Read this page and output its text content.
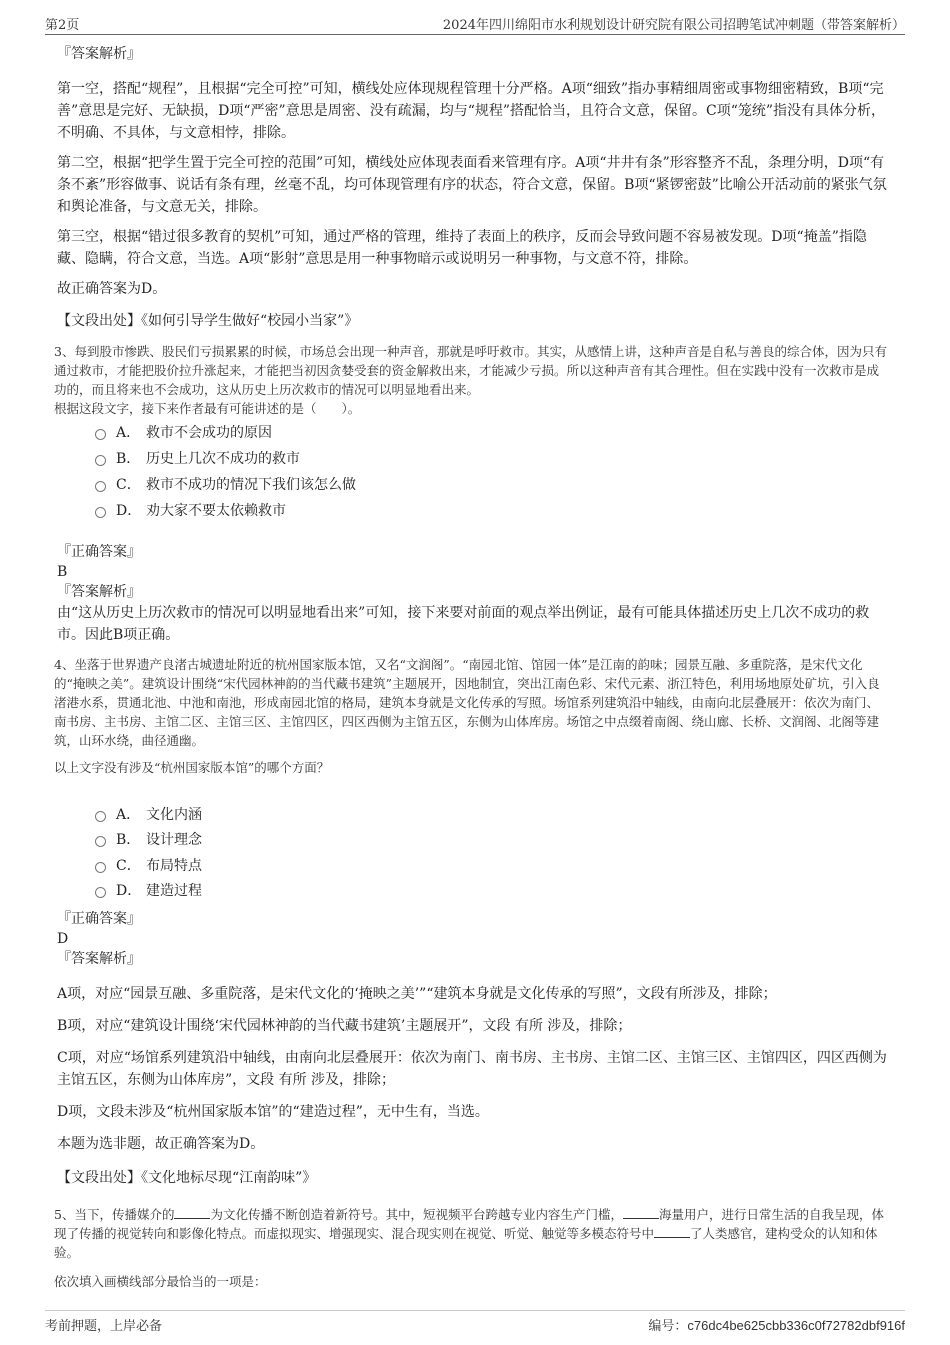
第2页	2024年四川绵阳市水利规划设计研究院有限公司招聘笔试冲刺题（带答案解析）

『答案解析』

第一空，搭配“规程”，且根据“完全可控”可知，横线处应体现规程管理十分严格。A项“细致”指办事精细周密或事物细密精致，B项“完善”意思是完好、无缺损，D项“严密”意思是周密、没有疏漏，均与“规程”搭配恰当，且符合文意，保留。C项“笼统”指没有具体分析，不明确、不具体，与文意相悖，排除。

第二空，根据“把学生置于完全可控的范围”可知，横线处应体现表面看来管理有序。A项“井井有条”形容整齐不乱，条理分明，D项“有条不紊”形容做事、说话有条有理，丝毫不乱，均可体现管理有序的状态，符合文意，保留。B项“紧锣密鼓”比喻公开活动前的紧张气氛和舆论准备，与文意无关，排除。

第三空，根据“错过很多教育的契机”可知，通过严格的管理，维持了表面上的秩序，反而会导致问题不容易被发现。D项“掩盖”指隐藏、隐瞒，符合文意，当选。A项“影射”意思是用一种事物暗示或说明另一种事物，与文意不符，排除。

故正确答案为D。

【文段出处】《如何引导学生做好“校园小当家”》

3、每到股市惨跌、股民们亏损累累的时候，市场总会出现一种声音，那就是呼吁救市。其实，从感情上讲，这种声音是自私与善良的综合体，因为只有通过救市，才能把股价拉升涨起来，才能把当初因贪婪受套的资金解救出来，才能减少亏损。所以这种声音有其合理性。但在实践中没有一次救市是成功的，而且将来也不会成功，这从历史上历次救市的情况可以明显地看出来。

根据这段文字，接下来作者最有可能讲述的是（　　）。

A． 救市不会成功的原因
B． 历史上几次不成功的救市
C． 救市不成功的情况下我们该怎么做
D． 劝大家不要太依赖救市

『正确答案』

B

『答案解析』

由“这从历史上历次救市的情况可以明显地看出来”可知，接下来要对前面的观点举出例证，最有可能具体描述历史上几次不成功的救市。因此B项正确。

4、坐落于世界遗产良渚古城遗址附近的杭州国家版本馆，又名“文润阁”。“南园北馆、馆园一体”是江南的韵味；园景互融、多重院落，是宋代文化的“掩映之美”。建筑设计围绕“宋代园林神韵的当代藏书建筑”主题展开，因地制宜，突出江南色彩、宋代元素、浙江特色，利用场地原处矿坑，引入良渚港水系，贯通北池、中池和南池，形成南园北馆的格局，建筑本身就是文化传承的写照。场馆系列建筑沿中轴线，由南向北层叠展开：依次为南门、南书房、主书房、主馆二区、主馆三区、主馆四区，四区西侧为主馆五区，东侧为山体库房。场馆之中点缀着南阁、绕山廊、长桥、文润阁、北阁等建筑，山环水绕，曲径通幽。

以上文字没有涉及“杭州国家版本馆”的哪个方面？

A． 文化内涵
B． 设计理念
C． 布局特点
D． 建造过程

『正确答案』

D

『答案解析』

A项，对应“园景互融、多重院落，是宋代文化的‘掩映之美’”“建筑本身就是文化传承的写照”，文段有所涉及，排除；

B项，对应“建筑设计围绕‘宋代园林神韵的当代藏书建筑’主题展开”，文段 有所 涉及，排除；

C项，对应“场馆系列建筑沿中轴线，由南向北层叠展开：依次为南门、南书房、主书房、主馆二区、主馆三区、主馆四区，四区西侧为主馆五区，东侧为山体库房”，文段 有所 涉及，排除；

D项，文段未涉及“杭州国家版本馆”的“建造过程”，无中生有，当选。

本题为选非题，故正确答案为D。

【文段出处】《文化地标尽现“江南韵味”》

5、当下，传播媒介的	为文化传播不断创造着新符号。其中，短视频平台跨越专业内容生产门槛，	海量用户，进行日常生活的自我呈现，体现了传播的视觉转向和影像化特点。而虚拟现实、增强现实、混合现实则在视觉、听觉、触觉等多模态符号中	了人类感官，建构受众的认知和体验。

依次填入画横线部分最恰当的一项是：

考前押题，上岸必备	编号：c76dc4be625cbb336c0f72782dbf916f
